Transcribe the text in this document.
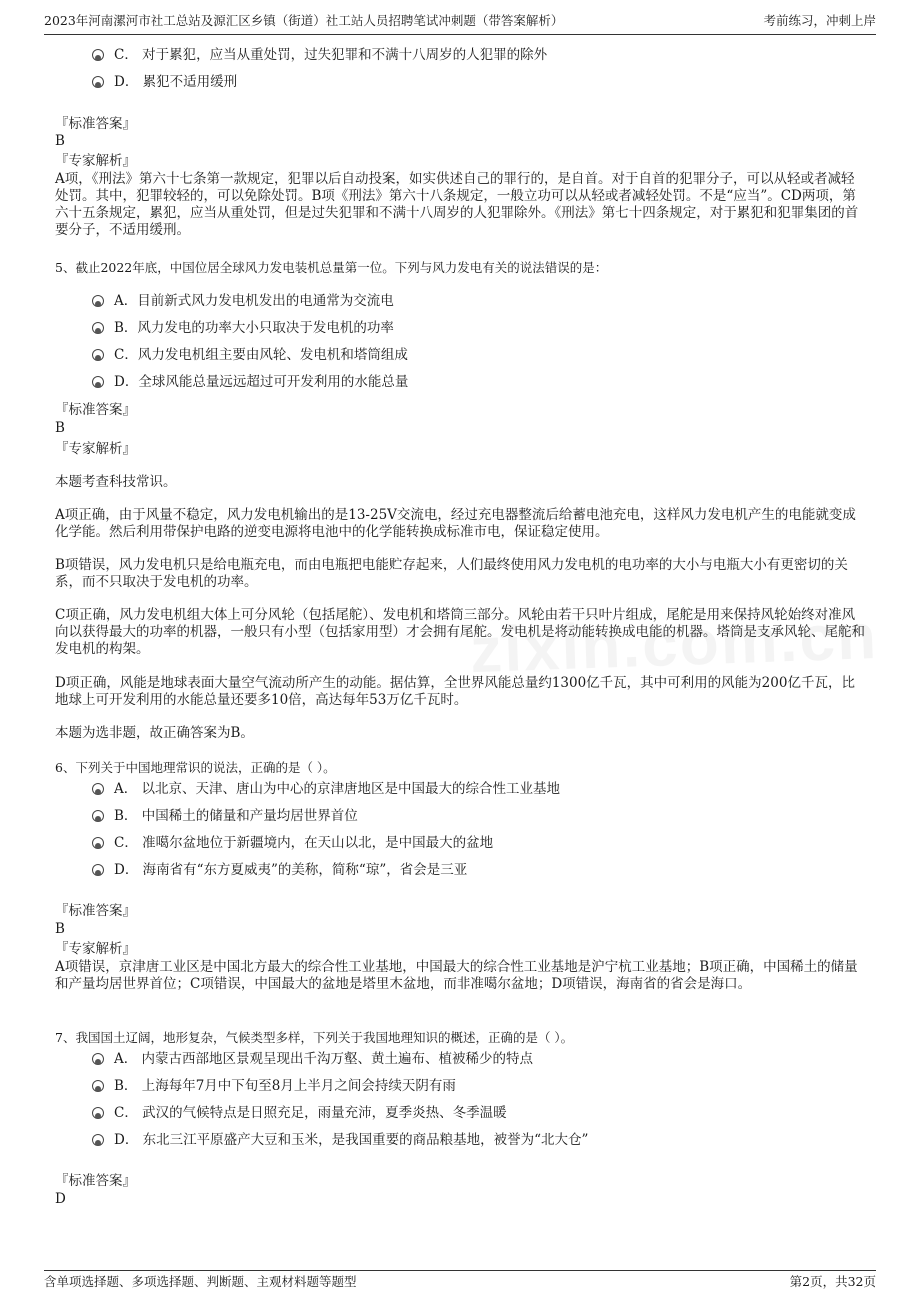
2023年河南漯河市社工总站及源汇区乡镇（街道）社工站人员招聘笔试冲刺题（带答案解析）	考前练习，冲刺上岸
C． 对于累犯，应当从重处罚，过失犯罪和不满十八周岁的人犯罪的除外
D． 累犯不适用缓刑
『标准答案』
B
『专家解析』
A项，《刑法》第六十七条第一款规定，犯罪以后自动投案，如实供述自己的罪行的，是自首。对于自首的犯罪分子，可以从轻或者减轻处罚。其中，犯罪较轻的，可以免除处罚。B项《刑法》第六十八条规定，一般立功可以从轻或者减轻处罚。不是“应当”。CD两项，第六十五条规定，累犯，应当从重处罚，但是过失犯罪和不满十八周岁的人犯罪除外。《刑法》第七十四条规定，对于累犯和犯罪集团的首要分子，不适用缓刑。
5、截止2022年底，中国位居全球风力发电装机总量第一位。下列与风力发电有关的说法错误的是：
A．目前新式风力发电机发出的电通常为交流电
B．风力发电的功率大小只取决于发电机的功率
C．风力发电机组主要由风轮、发电机和塔筒组成
D．全球风能总量远远超过可开发利用的水能总量
『标准答案』
B
『专家解析』
本题考查科技常识。
A项正确，由于风量不稳定，风力发电机输出的是13-25V交流电，经过充电器整流后给蓄电池充电，这样风力发电机产生的电能就变成化学能。然后利用带保护电路的逆变电源将电池中的化学能转换成标准市电，保证稳定使用。
B项错误，风力发电机只是给电瓶充电，而由电瓶把电能贮存起来，人们最终使用风力发电机的电功率的大小与电瓶大小有更密切的关系，而不只取决于发电机的功率。
C项正确，风力发电机组大体上可分风轮（包括尾舵）、发电机和塔筒三部分。风轮由若干只叶片组成，尾舵是用来保持风轮始终对准风向以获得最大的功率的机器，一般只有小型（包括家用型）才会拥有尾舵。发电机是将动能转换成电能的机器。塔筒是支承风轮、尾舵和发电机的构架。
D项正确，风能是地球表面大量空气流动所产生的动能。据估算，全世界风能总量约1300亿千瓦，其中可利用的风能为200亿千瓦，比地球上可开发利用的水能总量还要多10倍，高达每年53万亿千瓦时。
本题为选非题，故正确答案为B。
6、下列关于中国地理常识的说法，正确的是（ ）。
A． 以北京、天津、唐山为中心的京津唐地区是中国最大的综合性工业基地
B． 中国稀土的储量和产量均居世界首位
C． 准噶尔盆地位于新疆境内，在天山以北，是中国最大的盆地
D． 海南省有“东方夏威夷”的美称，简称“琼”，省会是三亚
『标准答案』
B
『专家解析』
A项错误，京津唐工业区是中国北方最大的综合性工业基地，中国最大的综合性工业基地是沪宁杭工业基地；B项正确，中国稀土的储量和产量均居世界首位；C项错误，中国最大的盆地是塔里木盆地，而非准噶尔盆地；D项错误，海南省的省会是海口。
7、我国国土辽阔，地形复杂，气候类型多样，下列关于我国地理知识的概述，正确的是（ ）。
A． 内蒙古西部地区景观呈现出千沟万壑、黄土遍布、植被稀少的特点
B． 上海每年7月中下旬至8月上半月之间会持续天阴有雨
C． 武汉的气候特点是日照充足，雨量充沛，夏季炎热、冬季温暖
D． 东北三江平原盛产大豆和玉米，是我国重要的商品粮基地，被誉为“北大仓”
『标准答案』
D
含单项选择题、多项选择题、判断题、主观材料题等题型	第2页，共32页
